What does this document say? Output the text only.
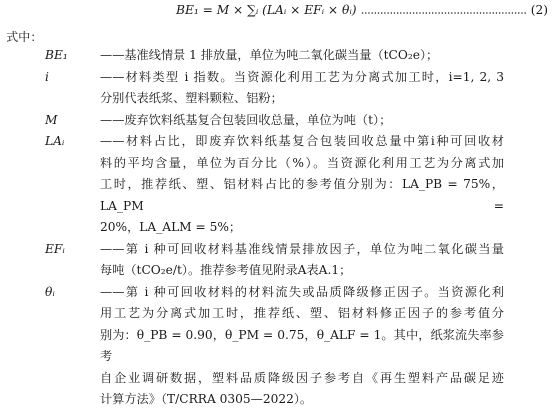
BE₁ = M × ∑ᵢ (LAᵢ × EFᵢ × θᵢ)	(2)
式中：
BE₁	——基准线情景 1 排放量，单位为吨二氧化碳当量（tCO₂e）；
i	——材料类型 i 指数。当资源化利用工艺为分离式加工时，i=1, 2, 3
分别代表纸浆、塑料颗粒、铝粉；
M	——废弃饮料纸基复合包装回收总量，单位为吨（t）；
LAᵢ	——材料占比，即废弃饮料纸基复合包装回收总量中第i种可回收材
料的平均含量，单位为百分比（%）。当资源化利用工艺为分离式加
工时，推荐纸、塑、铝材料占比的参考值分别为：LA_PB = 75%，LA_PM =
20%，LA_ALM = 5%；
EFᵢ	——第 i 种可回收材料基准线情景排放因子，单位为吨二氧化碳当量
每吨（tCO₂e/t）。推荐参考值见附录A表A.1；
θᵢ	——第 i 种可回收材料的材料流失或品质降级修正因子。当资源化利
用工艺为分离式加工时，推荐纸、塑、铝材料修正因子的参考值分
别为：θ_PB = 0.90，θ_PM = 0.75，θ_ALF = 1。其中，纸浆流失率参考
自企业调研数据，塑料品质降级因子参考自《再生塑料产品碳足迹
计算方法》（T/CRRA 0305—2022）。
